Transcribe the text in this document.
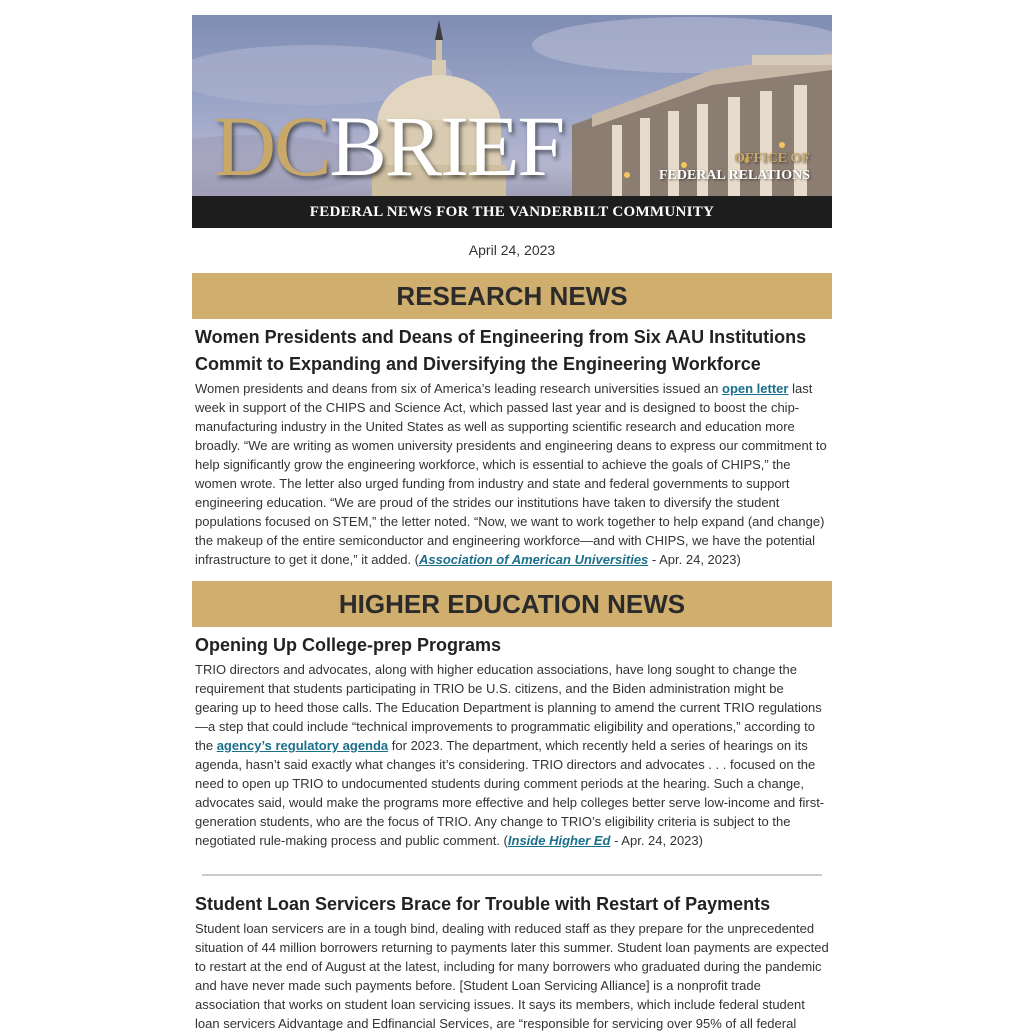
DCBRIEF	OFFICE OF
FEDERAL RELATIONS
FEDERAL NEWS FOR THE VANDERBILT COMMUNITY
April 24, 2023
RESEARCH NEWS
Women Presidents and Deans of Engineering from Six AAU Institutions Commit to Expanding and Diversifying the Engineering Workforce

Women presidents and deans from six of America’s leading research universities issued an open letter last week in support of the CHIPS and Science Act, which passed last year and is designed to boost the chip-manufacturing industry in the United States as well as supporting scientific research and education more broadly. “We are writing as women university presidents and engineering deans to express our commitment to help significantly grow the engineering workforce, which is essential to achieve the goals of CHIPS,” the women wrote. The letter also urged funding from industry and state and federal governments to support engineering education. “We are proud of the strides our institutions have taken to diversify the student populations focused on STEM,” the letter noted. “Now, we want to work together to help expand (and change) the makeup of the entire semiconductor and engineering workforce—and with CHIPS, we have the potential infrastructure to get it done,” it added. (Association of American Universities - Apr. 24, 2023)

HIGHER EDUCATION NEWS
Opening Up College-prep Programs

TRIO directors and advocates, along with higher education associations, have long sought to change the requirement that students participating in TRIO be U.S. citizens, and the Biden administration might be gearing up to heed those calls. The Education Department is planning to amend the current TRIO regulations—a step that could include “technical improvements to programmatic eligibility and operations,” according to the agency’s regulatory agenda for 2023. The department, which recently held a series of hearings on its agenda, hasn’t said exactly what changes it’s considering. TRIO directors and advocates . . . focused on the need to open up TRIO to undocumented students during comment periods at the hearing. Such a change, advocates said, would make the programs more effective and help colleges better serve low-income and first-generation students, who are the focus of TRIO. Any change to TRIO’s eligibility criteria is subject to the negotiated rule-making process and public comment. (Inside Higher Ed - Apr. 24, 2023)

Student Loan Servicers Brace for Trouble with Restart of Payments

Student loan servicers are in a tough bind, dealing with reduced staff as they prepare for the unprecedented situation of 44 million borrowers returning to payments later this summer. Student loan payments are expected to restart at the end of August at the latest, including for many borrowers who graduated during the pandemic and have never made such payments before. [Student Loan Servicing Alliance] is a nonprofit trade association that works on student loan servicing issues. It says its members, which include federal student loan servicers Aidvantage and Edfinancial Services, are “responsible for servicing over 95% of all federal
